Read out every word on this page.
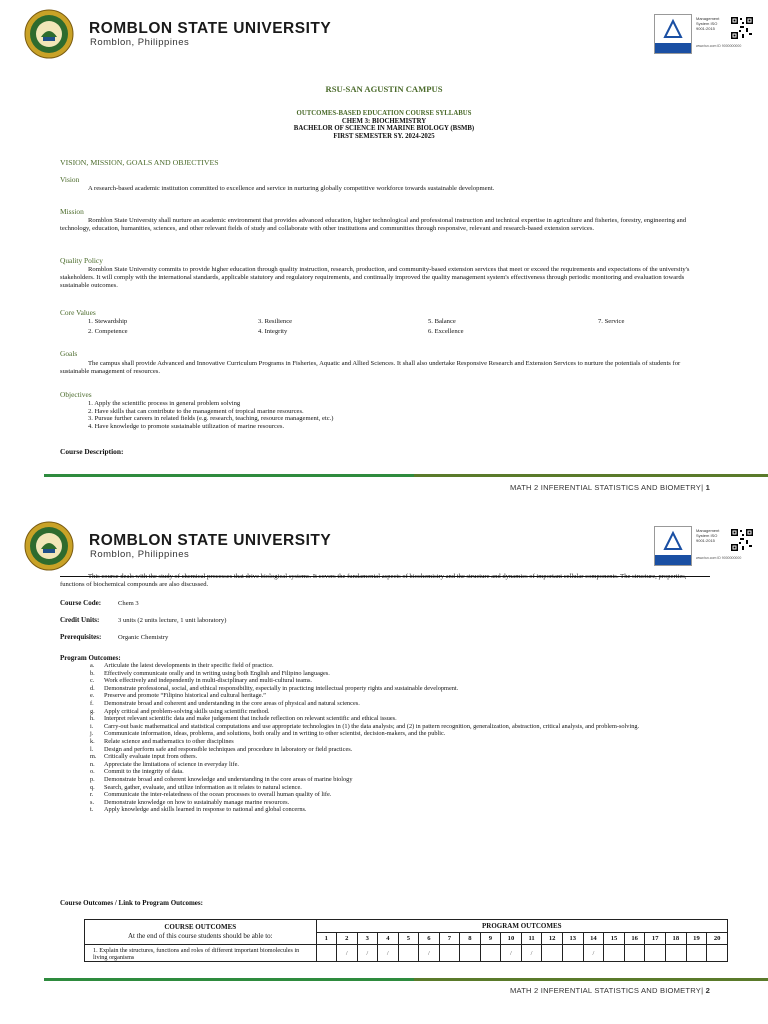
ROMBLON STATE UNIVERSITY
Romblon, Philippines
Management System ISO 9001:2015
www.tuv.com ID 9000000000
RSU-SAN AGUSTIN CAMPUS
OUTCOMES-BASED EDUCATION COURSE SYLLABUS
CHEM 3: BIOCHEMISTRY
BACHELOR OF SCIENCE IN MARINE BIOLOGY (BSMB)
FIRST SEMESTER SY. 2024-2025
VISION, MISSION, GOALS AND OBJECTIVES
Vision
A research-based academic institution committed to excellence and service in nurturing globally competitive workforce towards sustainable development.
Mission
Romblon State University shall nurture an academic environment that provides advanced education, higher technological and professional instruction and technical expertise in agriculture and fisheries, forestry, engineering and technology, education, humanities, sciences, and other relevant fields of study and collaborate with other institutions and communities through responsive, relevant and research-based extension services.
Quality Policy
Romblon State University commits to provide higher education through quality instruction, research, production, and community-based extension services that meet or exceed the requirements and expectations of the university's stakeholders. It will comply with the international standards, applicable statutory and regulatory requirements, and continually improved the quality management system's effectiveness through periodic monitoring and evaluation towards sustainable outcomes.
Core Values
1. Stewardship
2. Competence
3. Resilience
4. Integrity
5. Balance
6. Excellence
7. Service
Goals
The campus shall provide Advanced and Innovative Curriculum Programs in Fisheries, Aquatic and Allied Sciences. It shall also undertake Responsive Research and Extension Services to nurture the potentials of students for sustainable management of resources.
Objectives
1. Apply the scientific process in general problem solving
2. Have skills that can contribute to the management of tropical marine resources.
3. Pursue further careers in related fields (e.g. research, teaching, resource management, etc.)
4. Have knowledge to promote sustainable utilization of marine resources.
Course Description:
MATH 2 INFERENTIAL STATISTICS AND BIOMETRY| 1
ROMBLON STATE UNIVERSITY
Romblon, Philippines
Management System ISO 9001:2015
www.tuv.com ID 9000000000
This course deals with the study of chemical processes that drive biological systems. It covers the fundamental aspects of biochemistry and the structure and dynamics of important cellular components. The structure, properties, functions of biochemical compounds are also discussed.
Course Code:	Chem 3
Credit Units:	3 units (2 units lecture, 1 unit laboratory)
Prerequisites:	Organic Chemistry
Program Outcomes:
a. Articulate the latest developments in their specific field of practice.
b. Effectively communicate orally and in writing using both English and Filipino languages.
c. Work effectively and independently in multi-disciplinary and multi-cultural teams.
d. Demonstrate professional, social, and ethical responsibility, especially in practicing intellectual property rights and sustainable development.
e. Preserve and promote “Filipino historical and cultural heritage.”
f. Demonstrate broad and coherent and understanding in the core areas of physical and natural sciences.
g. Apply critical and problem-solving skills using scientific method.
h. Interpret relevant scientific data and make judgement that include reflection on relevant scientific and ethical issues.
i. Carry-out basic mathematical and statistical computations and use appropriate technologies in (1) the data analysis; and (2) in pattern recognition, generalization, abstraction, critical analysis, and problem-solving.
j. Communicate information, ideas, problems, and solutions, both orally and in writing to other scientist, decision-makers, and the public.
k. Relate science and mathematics to other disciplines
l. Design and perform safe and responsible techniques and procedure in laboratory or field practices.
m. Critically evaluate input from others.
n. Appreciate the limitations of science in everyday life.
o. Commit to the integrity of data.
p. Demonstrate broad and coherent knowledge and understanding in the core areas of marine biology
q. Search, gather, evaluate, and utilize information as it relates to natural science.
r. Communicate the inter-relatedness of the ocean processes to overall human quality of life.
s. Demonstrate knowledge on how to sustainably manage marine resources.
t. Apply knowledge and skills learned in response to national and global concerns.
Course Outcomes / Link to Program Outcomes:
COURSE OUTCOMES
At the end of this course students should be able to:	PROGRAM OUTCOMES																			
	1	2	3	4	5	6	7	8	9	10	11	12	13	14	15	16	17	18	19	20
1. Explain the structures, functions and roles of different important biomolecules in living organisms		/	/	/		/				/	/			/						
MATH 2 INFERENTIAL STATISTICS AND BIOMETRY| 2
